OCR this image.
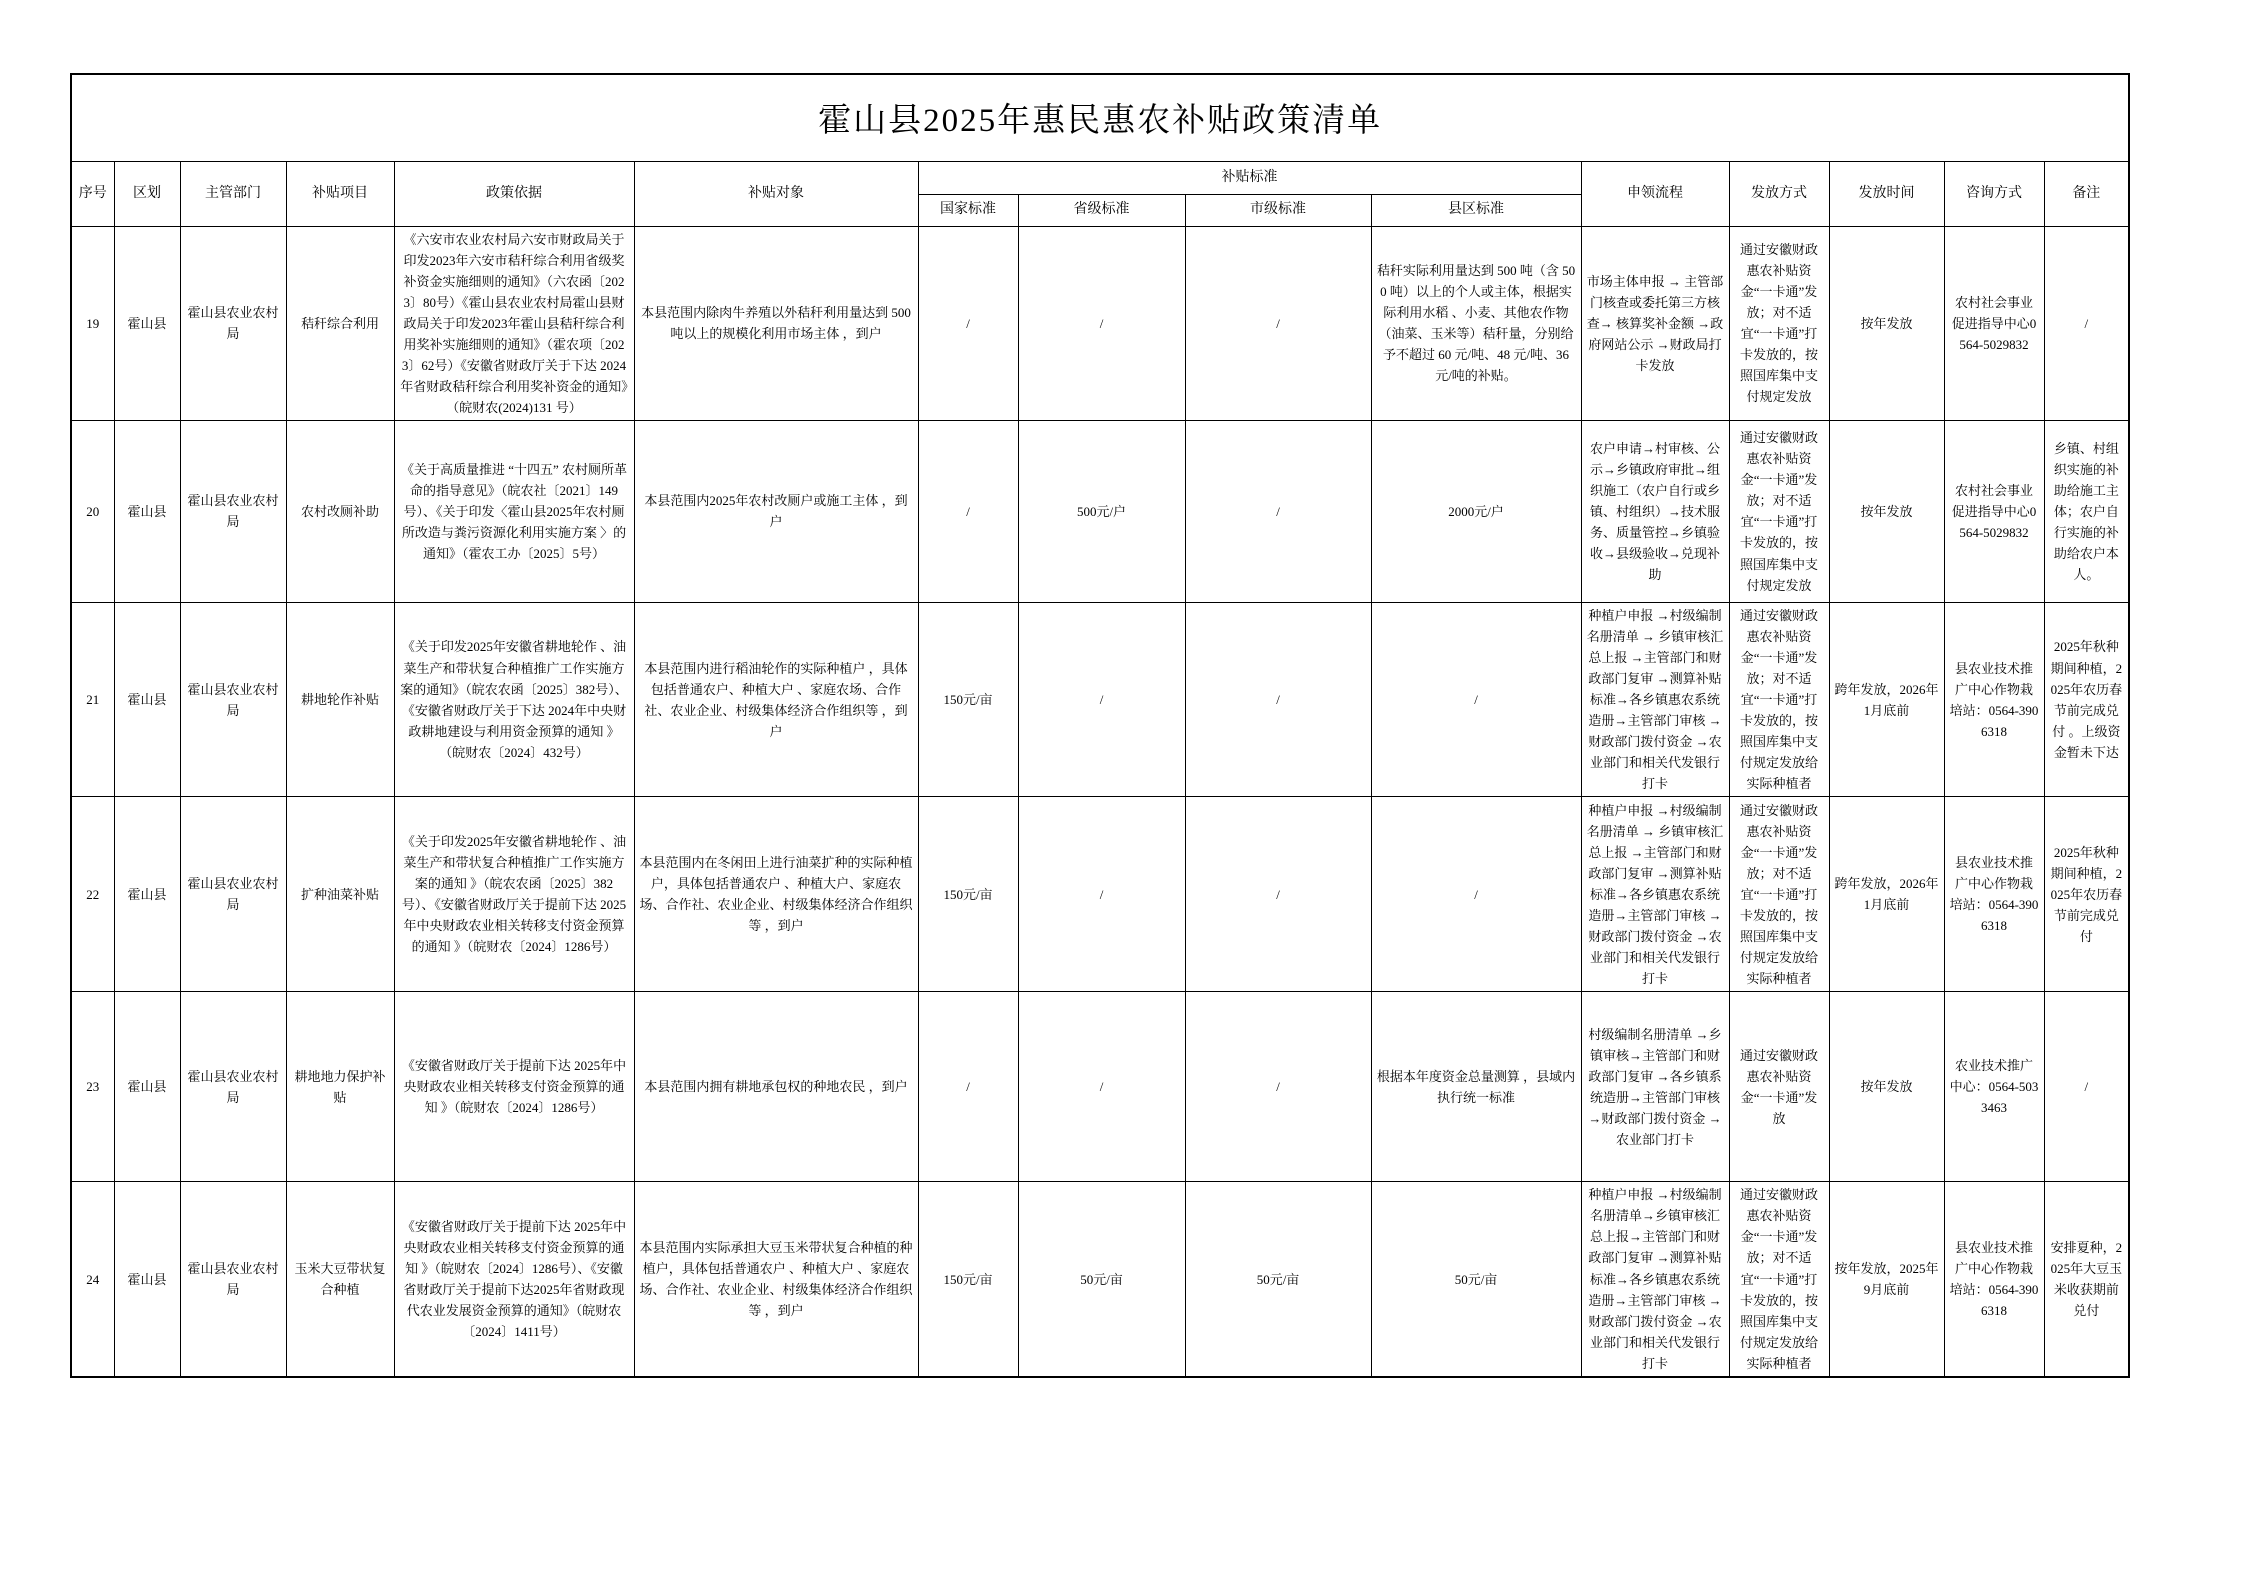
霍山县2025年惠民惠农补贴政策清单														
序号	区划	主管部门	补贴项目	政策依据	补贴对象	补贴标准				申领流程	发放方式	发放时间	咨询方式	备注
						国家标准	省级标准	市级标准	县区标准					
19	霍山县	霍山县农业农村局	秸秆综合利用	《六安市农业农村局六安市财政局关于印发2023年六安市秸秆综合利用省级奖补资金实施细则的通知》（六农函〔2023〕80号）《霍山县农业农村局霍山县财政局关于印发2023年霍山县秸秆综合利用奖补实施细则的通知》（霍农项〔2023〕62号）《安徽省财政厅关于下达 2024年省财政秸秆综合利用奖补资金的通知》（皖财农(2024)131 号）	本县范围内除肉牛养殖以外秸秆利用量达到 500吨以上的规模化利用市场主体 ，到户	/	/	/	秸秆实际利用量达到 500 吨（含 500 吨）以上的个人或主体，根据实际利用水稻 、小麦、其他农作物（油菜、玉米等）秸秆量，分别给予不超过 60 元/吨、48 元/吨、36 元/吨的补贴。	市场主体申报 → 主管部门核查或委托第三方核查→ 核算奖补金额 →政府网站公示 →财政局打卡发放	通过安徽财政惠农补贴资金“一卡通”发放；对不适宜“一卡通”打卡发放的，按照国库集中支付规定发放	按年发放	农村社会事业促进指导中心0564-5029832	/
20	霍山县	霍山县农业农村局	农村改厕补助	《关于高质量推进 “十四五” 农村厕所革命的指导意见》（皖农社〔2021〕149号）、《关于印发〈霍山县2025年农村厕所改造与粪污资源化利用实施方案 〉的通知》（霍农工办〔2025〕5号）	本县范围内2025年农村改厕户或施工主体 ，到户	/	500元/户	/	2000元/户	农户申请→村审核、公示→乡镇政府审批→组织施工（农户自行或乡镇、村组织）→技术服务、质量管控→乡镇验收→县级验收→兑现补助	通过安徽财政惠农补贴资金“一卡通”发放；对不适宜“一卡通”打卡发放的，按照国库集中支付规定发放	按年发放	农村社会事业促进指导中心0564-5029832	乡镇、村组织实施的补助给施工主体；农户自行实施的补助给农户本人。
21	霍山县	霍山县农业农村局	耕地轮作补贴	《关于印发2025年安徽省耕地轮作 、油菜生产和带状复合种植推广工作实施方案的通知》（皖农农函〔2025〕382号）、《安徽省财政厅关于下达 2024年中央财政耕地建设与利用资金预算的通知 》（皖财农〔2024〕432号）	本县范围内进行稻油轮作的实际种植户 ，具体包括普通农户、种植大户 、家庭农场、合作社、农业企业、村级集体经济合作组织等 ，到户	150元/亩	/	/	/	种植户申报 →村级编制名册清单 → 乡镇审核汇总上报 →主管部门和财政部门复审 →测算补贴标准→各乡镇惠农系统造册→主管部门审核 → 财政部门拨付资金 →农业部门和相关代发银行打卡	通过安徽财政惠农补贴资金“一卡通”发放；对不适宜“一卡通”打卡发放的，按照国库集中支付规定发放给实际种植者	跨年发放，2026年1月底前	县农业技术推广中心作物栽培站：0564-3906318	2025年秋种期间种植，2025年农历春节前完成兑付 。上级资金暂未下达
22	霍山县	霍山县农业农村局	扩种油菜补贴	《关于印发2025年安徽省耕地轮作 、油菜生产和带状复合种植推广工作实施方案的通知 》（皖农农函〔2025〕382号）、《安徽省财政厅关于提前下达 2025年中央财政农业相关转移支付资金预算的通知 》（皖财农〔2024〕1286号）	本县范围内在冬闲田上进行油菜扩种的实际种植户，具体包括普通农户 、种植大户、家庭农场、合作社、农业企业、村级集体经济合作组织等 ，到户	150元/亩	/	/	/	种植户申报 →村级编制名册清单 → 乡镇审核汇总上报 →主管部门和财政部门复审 →测算补贴标准→各乡镇惠农系统造册→主管部门审核 → 财政部门拨付资金 →农业部门和相关代发银行打卡	通过安徽财政惠农补贴资金“一卡通”发放；对不适宜“一卡通”打卡发放的，按照国库集中支付规定发放给实际种植者	跨年发放，2026年1月底前	县农业技术推广中心作物栽培站：0564-3906318	2025年秋种期间种植，2025年农历春节前完成兑付
23	霍山县	霍山县农业农村局	耕地地力保护补贴	《安徽省财政厅关于提前下达 2025年中央财政农业相关转移支付资金预算的通知 》（皖财农〔2024〕1286号）	本县范围内拥有耕地承包权的种地农民 ，到户	/	/	/	根据本年度资金总量测算 ，县域内执行统一标准	村级编制名册清单 →乡镇审核→主管部门和财政部门复审 →各乡镇系统造册→主管部门审核→财政部门拨付资金 →农业部门打卡	通过安徽财政惠农补贴资金“一卡通”发放	按年发放	农业技术推广中心：0564-5033463	/
24	霍山县	霍山县农业农村局	玉米大豆带状复合种植	《安徽省财政厅关于提前下达 2025年中央财政农业相关转移支付资金预算的通知 》（皖财农〔2024〕1286号）、《安徽省财政厅关于提前下达2025年省财政现代农业发展资金预算的通知》（皖财农〔2024〕1411号）	本县范围内实际承担大豆玉米带状复合种植的种植户，具体包括普通农户 、种植大户 、家庭农场、合作社、农业企业、村级集体经济合作组织等 ，到户	150元/亩	50元/亩	50元/亩	50元/亩	种植户申报 →村级编制名册清单→乡镇审核汇总上报→主管部门和财政部门复审 →测算补贴标准→各乡镇惠农系统造册→主管部门审核 →财政部门拨付资金 →农业部门和相关代发银行打卡	通过安徽财政惠农补贴资金“一卡通”发放；对不适宜“一卡通”打卡发放的，按照国库集中支付规定发放给实际种植者	按年发放，2025年9月底前	县农业技术推广中心作物栽培站：0564-3906318	安排夏种，2025年大豆玉米收获期前兑付
